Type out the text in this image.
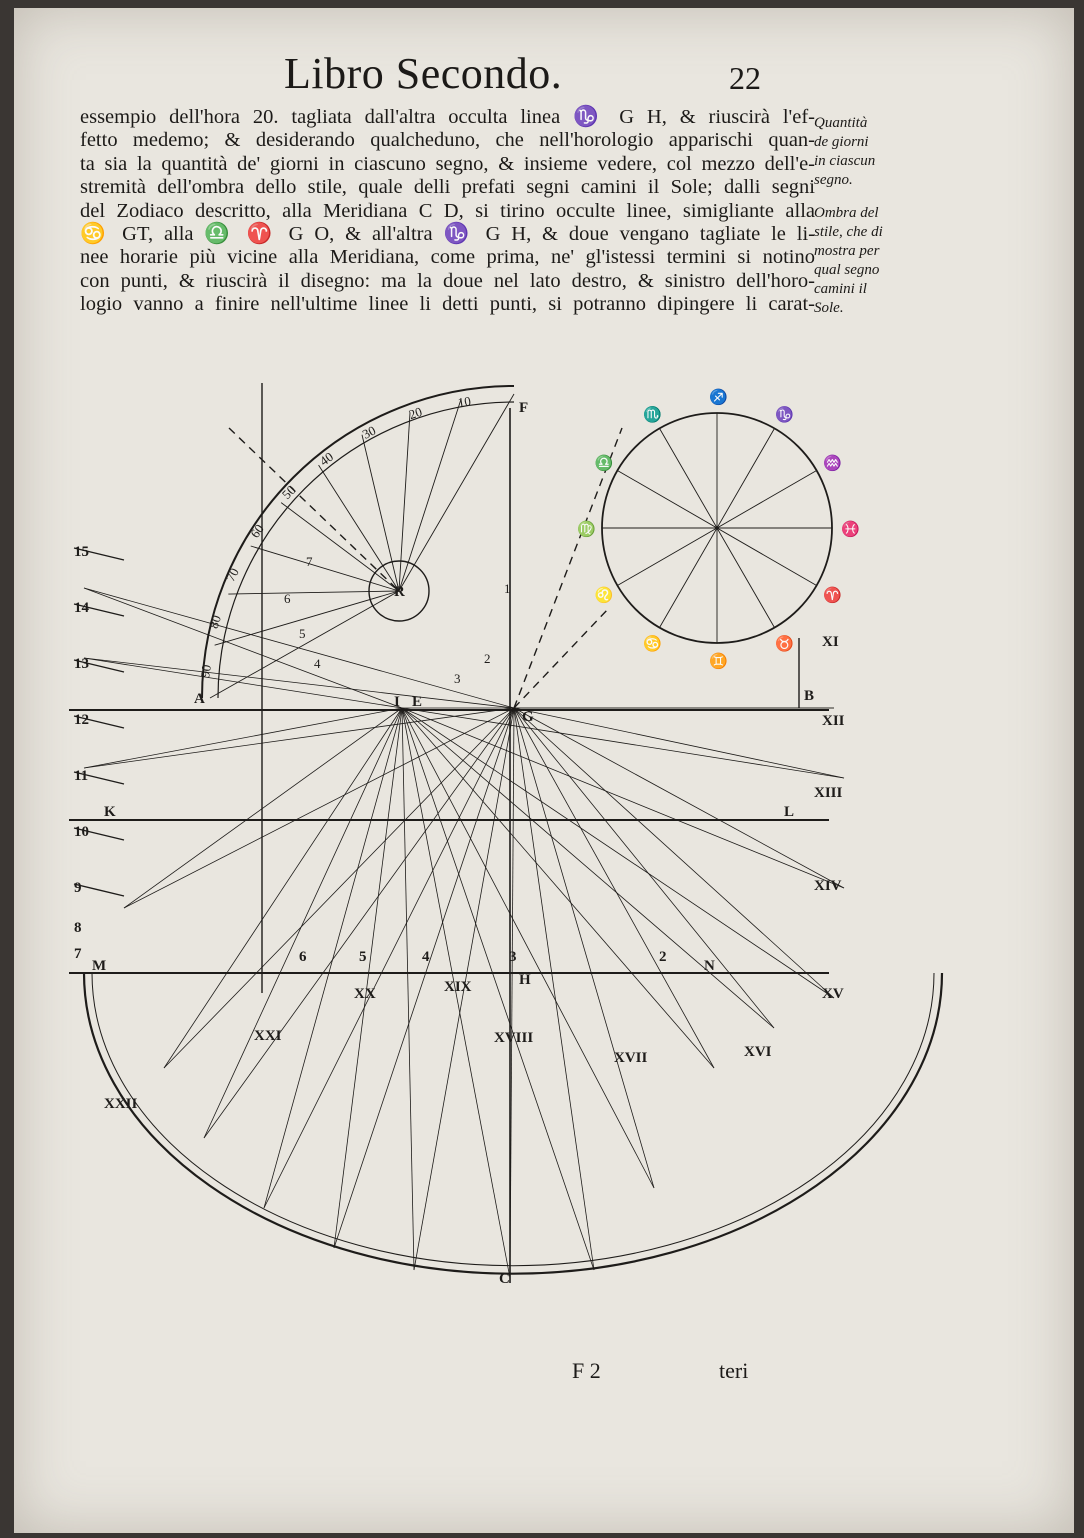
Libro Secondo.	22
essempio dell'hora 20. tagliata dall'altra occulta linea ♑ G H, & riuscirà l'ef-
fetto medemo; & desiderando qualcheduno, che nell'horologio apparischi quan-
ta sia la quantità de' giorni in ciascuno segno, & insieme vedere, col mezzo dell'e-
stremità dell'ombra dello stile, quale delli prefati segni camini il Sole; dalli segni
del Zodiaco descritto, alla Meridiana C D, si tirino occulte linee, simigliante alla
♋ GT, alla ♎ ♈ G O, & all'altra ♑ G H, & doue vengano tagliate le li-
nee horarie più vicine alla Meridiana, come prima, ne' gl'istessi termini si notino
con punti, & riuscirà il disegno: ma la doue nel lato destro, & sinistro dell'horo-
logio vanno a finire nell'ultime linee li detti punti, si potranno dipingere li carat-
Quantità
de giorni
in ciascun
segno.
Ombra del
stile, che di
mostra per
qual segno
camini il
Sole.
A	B
C
F
G
K	L
M	N
R
H
I E
10
20
30
40
50
60
70
80
90
15
14
13
12
11
10
9
8
7
XI
XII
XIII
XIV
XV
XVI
XVII
XVIII
XIX
XX
XXI
XXII
6	5	4	3	2
7
6
5
4
3
2
1
♐
♑
♒
♓
♈
♉
♊
♋
♌
♍
♎
♏
F 2	teri
